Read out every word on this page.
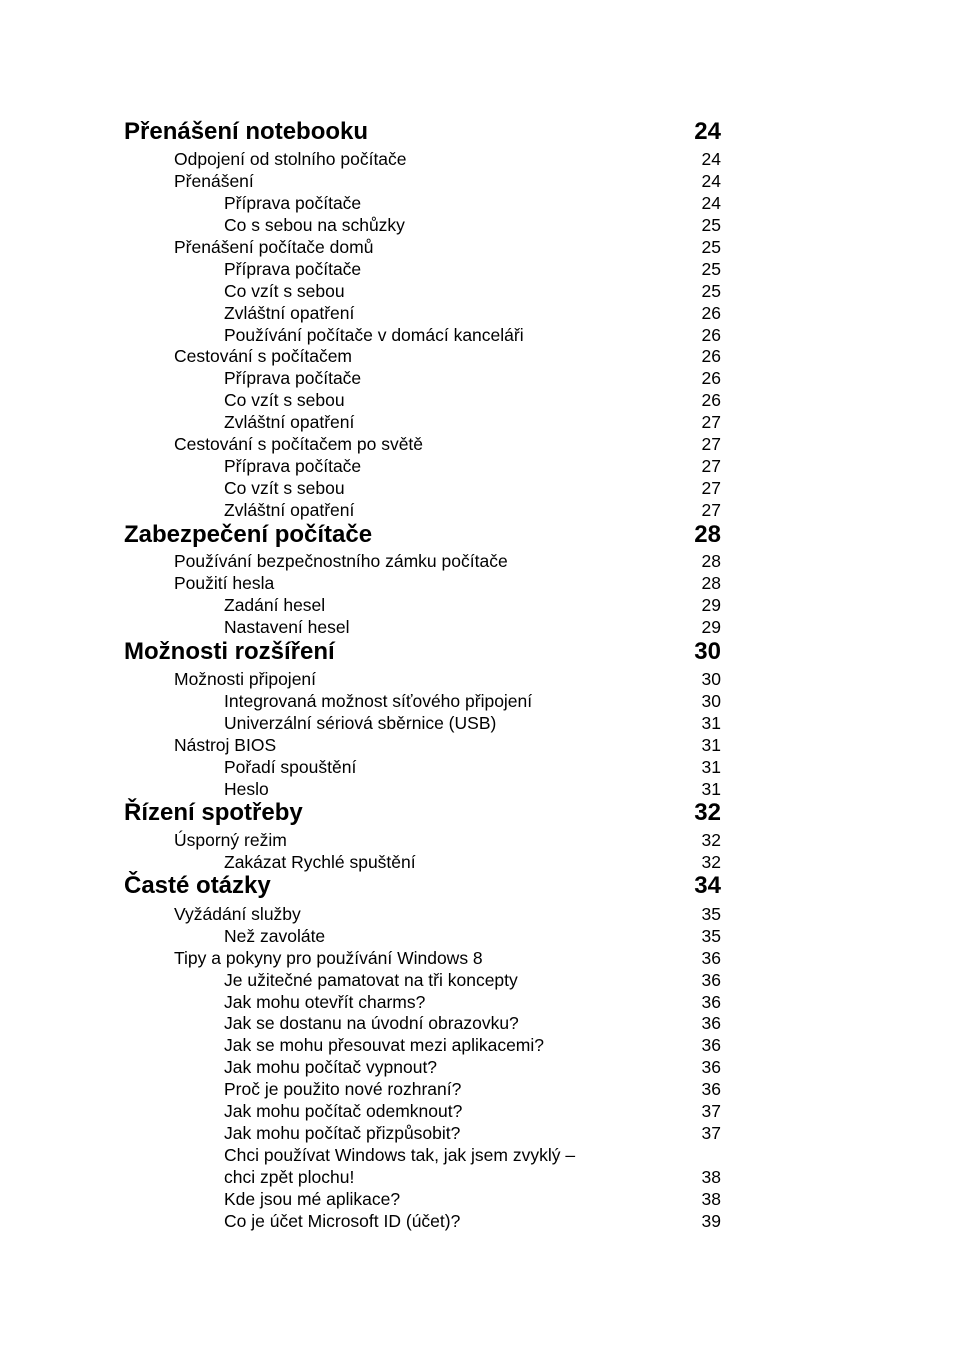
Přenášení notebooku	24
Odpojení od stolního počítače	24
Přenášení	24
Příprava počítače	24
Co s sebou na schůzky	25
Přenášení počítače domů	25
Příprava počítače	25
Co vzít s sebou	25
Zvláštní opatření	26
Používání počítače v domácí kanceláři	26
Cestování s počítačem	26
Příprava počítače	26
Co vzít s sebou	26
Zvláštní opatření	27
Cestování s počítačem po světě	27
Příprava počítače	27
Co vzít s sebou	27
Zvláštní opatření	27
Zabezpečení počítače	28
Používání bezpečnostního zámku počítače	28
Použití hesla	28
Zadání hesel	29
Nastavení hesel	29
Možnosti rozšíření	30
Možnosti připojení	30
Integrovaná možnost síťového připojení	30
Univerzální sériová sběrnice (USB)	31
Nástroj BIOS	31
Pořadí spouštění	31
Heslo	31
Řízení spotřeby	32
Úsporný režim	32
Zakázat Rychlé spuštění	32
Časté otázky	34
Vyžádání služby	35
Než zavoláte	35
Tipy a pokyny pro používání Windows 8	36
Je užitečné pamatovat na tři koncepty	36
Jak mohu otevřít charms?	36
Jak se dostanu na úvodní obrazovku?	36
Jak se mohu přesouvat mezi aplikacemi?	36
Jak mohu počítač vypnout?	36
Proč je použito nové rozhraní?	36
Jak mohu počítač odemknout?	37
Jak mohu počítač přizpůsobit?	37
Chci používat Windows tak, jak jsem zvyklý –
chci zpět plochu!	38
Kde jsou mé aplikace?	38
Co je účet Microsoft ID (účet)?	39
